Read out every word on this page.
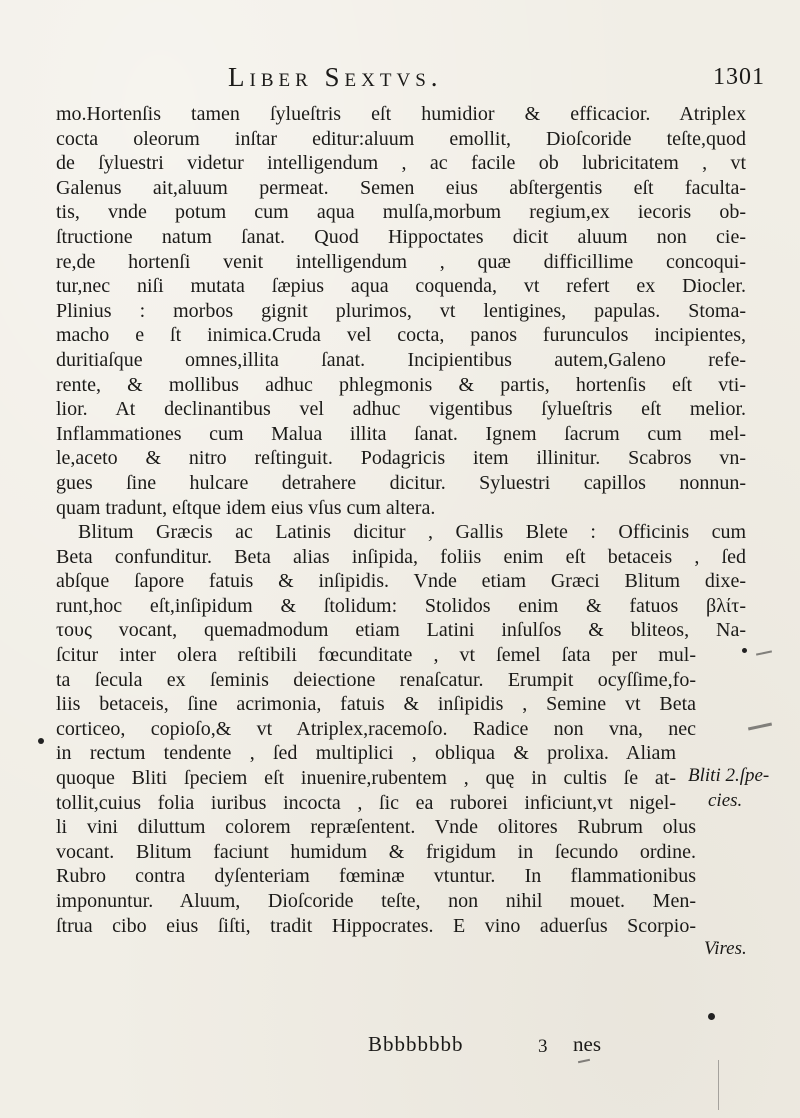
Liber Sextvs.	1301
mo.Hortenſis tamen ſylueſtris eſt humidior & efficacior. Atriplex
cocta oleorum inſtar editur:aluum emollit, Dioſcoride teſte,quod
de ſyluestri videtur intelligendum , ac facile ob lubricitatem , vt
Galenus ait,aluum permeat. Semen eius abſtergentis eſt faculta-
tis, vnde potum cum aqua mulſa,morbum regium,ex iecoris ob-
ſtructione natum ſanat. Quod Hippoctates dicit aluum non cie-
re,de hortenſi venit intelligendum , quæ difficillime concoqui-
tur,nec niſi mutata ſæpius aqua coquenda, vt refert ex Diocler.
Plinius : morbos gignit plurimos, vt lentigines, papulas. Stoma-
macho e ſt inimica.Cruda vel cocta, panos furunculos incipientes,
duritiaſque omnes,illita ſanat. Incipientibus autem,Galeno refe-
rente, & mollibus adhuc phlegmonis & partis, hortenſis eſt vti-
lior. At declinantibus vel adhuc vigentibus ſylueſtris eſt melior.
Inflammationes cum Malua illita ſanat. Ignem ſacrum cum mel-
le,aceto & nitro reſtinguit. Podagricis item illinitur. Scabros vn-
gues ſine hulcare detrahere dicitur. Syluestri capillos nonnun-
quam tradunt, eſtque idem eius vſus cum altera.
Blitum Græcis ac Latinis dicitur , Gallis Blete : Officinis cum
Beta confunditur. Beta alias inſipida, foliis enim eſt betaceis , ſed
abſque ſapore fatuis & inſipidis. Vnde etiam Græci Blitum dixe-
runt,hoc eſt,inſipidum & ſtolidum: Stolidos enim & fatuos βλίτ-
τους vocant, quemadmodum etiam Latini inſulſos & bliteos, Na-
ſcitur inter olera reſtibili fœcunditate , vt ſemel ſata per mul-
ta ſecula ex ſeminis deiectione renaſcatur. Erumpit ocyſſime,fo-
liis betaceis, ſine acrimonia, fatuis & inſipidis , Semine vt Beta
corticeo, copioſo,& vt Atriplex,racemoſo. Radice non vna, nec
in rectum tendente , ſed multiplici , obliqua & prolixa. Aliam
quoque Bliti ſpeciem eſt inuenire,rubentem , quę in cultis ſe at-
tollit,cuius folia iuribus incocta , ſic ea ruborei inficiunt,vt nigel-
li vini diluttum colorem repræſentent. Vnde olitores Rubrum olus
vocant. Blitum faciunt humidum & frigidum in ſecundo ordine.
Rubro contra dyſenteriam fœminæ vtuntur. In flammationibus
imponuntur. Aluum, Dioſcoride teſte, non nihil mouet. Men-
ſtrua cibo eius ſiſti, tradit Hippocrates. E vino aduerſus Scorpio-
Bliti 2.ſpe-
cies.
Vires.
Bbbbbbbb	3 nes
